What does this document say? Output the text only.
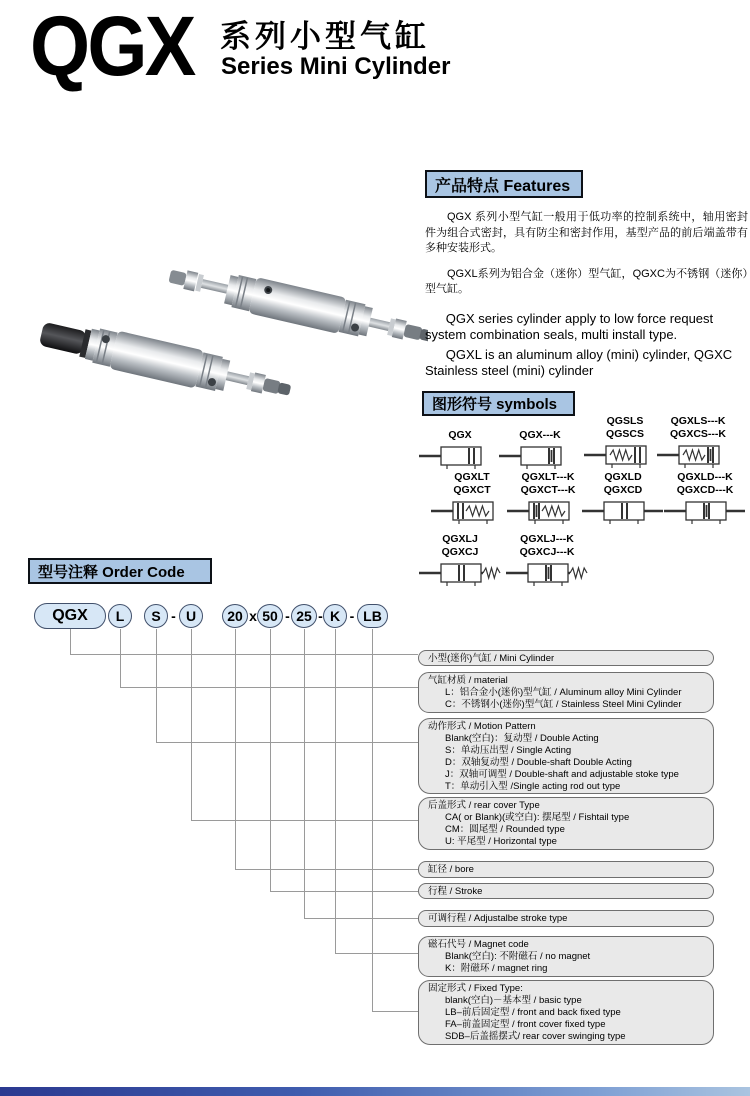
QGX 系列小型气缸
Series Mini Cylinder
产品特点 Features

QGX 系列小型气缸一般用于低功率的控制系统中，轴用密封件为组合式密封，具有防尘和密封作用，基型产品的前后端盖带有多种安装形式。

QGXL系列为铝合金（迷你）型气缸，QGXC为不锈钢（迷你）型气缸。

QGX series cylinder apply to low force request system combination seals, multi install type.

QGXL is an aluminum alloy (mini) cylinder, QGXC Stainless steel (mini) cylinder

图形符号 symbols
QGX	QGX---K
QGSLS
QGSCS
QGXLS---K
QGXCS---K
QGXLT
QGXCT
QGXLT---K
QGXCT---K
QGXLD
QGXCD
QGXLD---K
QGXCD---K
QGXLJ
QGXCJ
QGXLJ---K
QGXCJ---K
型号注释 Order Code
QGX	L	S - U	20 x 50 - 25 - K - LB
小型(迷你)气缸 / Mini Cylinder
气缸材质 / material
L：铝合金小(迷你)型气缸 / Aluminum alloy Mini Cylinder
C：不锈钢小(迷你)型气缸 / Stainless Steel Mini Cylinder
动作形式 / Motion Pattern
Blank(空白)：复动型 / Double Acting
S：单动压出型 / Single Acting
D：双轴复动型 / Double-shaft Double Acting
J：双轴可调型 / Double-shaft and adjustable stoke type
T：单动引入型 /Single acting rod out type
后盖形式 / rear cover Type
CA( or Blank)(或空白): 摆尾型 / Fishtail type
CM：圆尾型 / Rounded type
U: 平尾型 / Horizontal type
缸径 / bore
行程 / Stroke
可调行程 / Adjustalbe stroke type
磁石代号 / Magnet code
Blank(空白): 不附磁石 / no magnet
K：附磁环 / magnet ring
固定形式 / Fixed Type:
blank(空白)－基本型 / basic type
LB–前后固定型 / front and back fixed type
FA–前盖固定型 / front cover fixed type
SDB–后盖摇摆式/ rear cover swinging type
